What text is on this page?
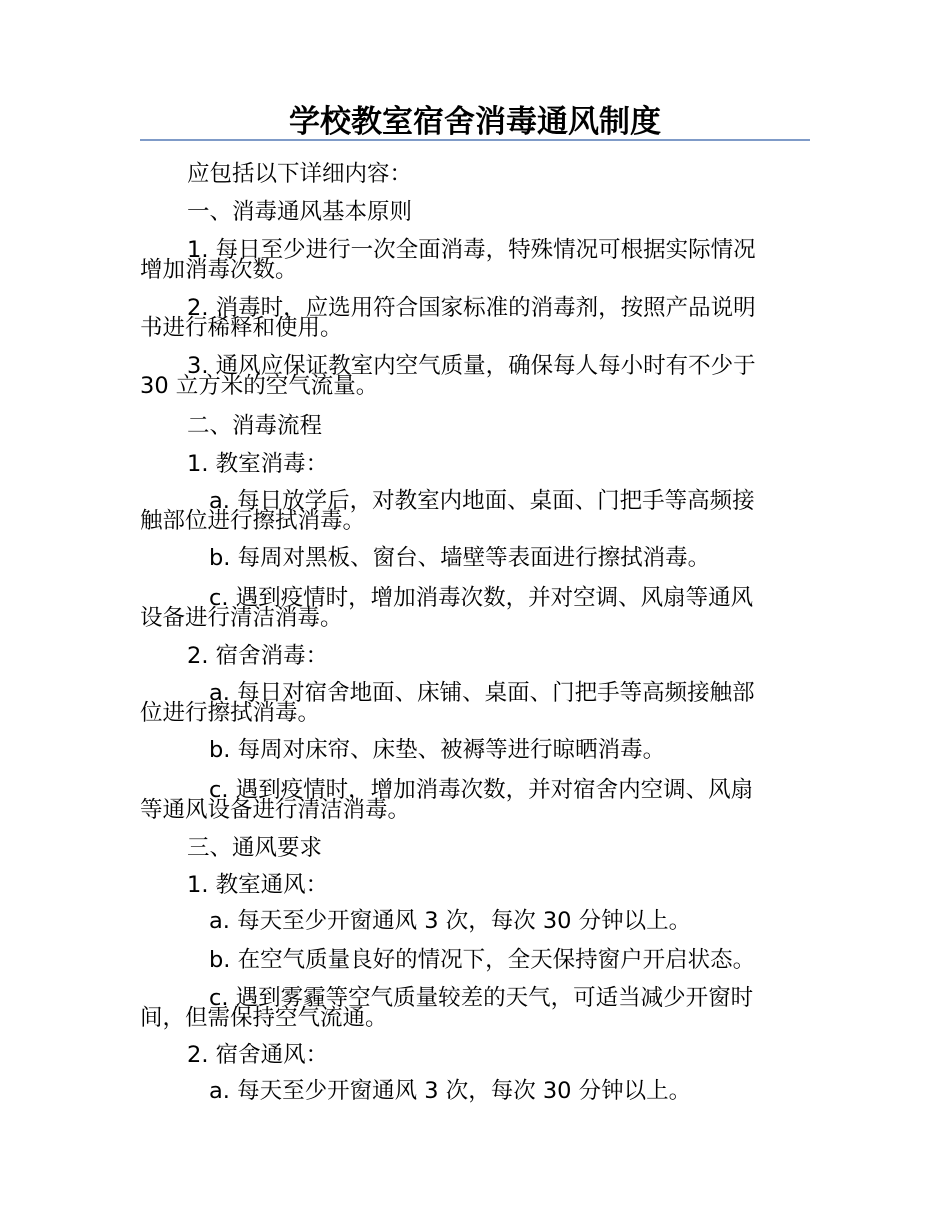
学校教室宿舍消毒通风制度
应包括以下详细内容：
一、消毒通风基本原则
1. 每日至少进行一次全面消毒，特殊情况可根据实际情况
增加消毒次数。
2. 消毒时，应选用符合国家标准的消毒剂，按照产品说明
书进行稀释和使用。
3. 通风应保证教室内空气质量，确保每人每小时有不少于
30 立方米的空气流量。
二、消毒流程
1. 教室消毒：
a. 每日放学后，对教室内地面、桌面、门把手等高频接
触部位进行擦拭消毒。
b. 每周对黑板、窗台、墙壁等表面进行擦拭消毒。
c. 遇到疫情时，增加消毒次数，并对空调、风扇等通风
设备进行清洁消毒。
2. 宿舍消毒：
a. 每日对宿舍地面、床铺、桌面、门把手等高频接触部
位进行擦拭消毒。
b. 每周对床帘、床垫、被褥等进行晾晒消毒。
c. 遇到疫情时，增加消毒次数，并对宿舍内空调、风扇
等通风设备进行清洁消毒。
三、通风要求
1. 教室通风：
a. 每天至少开窗通风 3 次，每次 30 分钟以上。
b. 在空气质量良好的情况下，全天保持窗户开启状态。
c. 遇到雾霾等空气质量较差的天气，可适当减少开窗时
间，但需保持空气流通。
2. 宿舍通风：
a. 每天至少开窗通风 3 次，每次 30 分钟以上。
